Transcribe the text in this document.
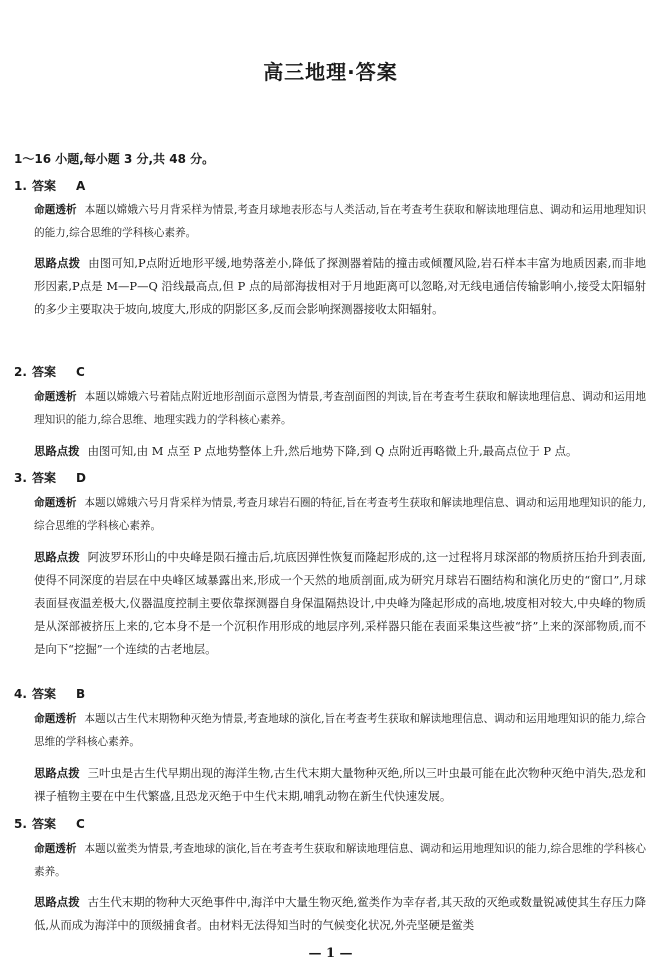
高三地理·答案
1～16 小题,每小题 3 分,共 48 分。
1. 答案 A
命题透析 本题以嫦娥六号月背采样为情景,考查月球地表形态与人类活动,旨在考查考生获取和解读地理信息、调动和运用地理知识的能力,综合思维的学科核心素养。
思路点拨 由图可知,P点附近地形平缓,地势落差小,降低了探测器着陆的撞击或倾覆风险,岩石样本丰富为地质因素,而非地形因素,P点是 M—P—Q 沿线最高点,但 P 点的局部海拔相对于月地距离可以忽略,对无线电通信传输影响小,接受太阳辐射的多少主要取决于坡向,坡度大,形成的阴影区多,反而会影响探测器接收太阳辐射。
2. 答案 C
命题透析 本题以嫦娥六号着陆点附近地形剖面示意图为情景,考查剖面图的判读,旨在考查考生获取和解读地理信息、调动和运用地理知识的能力,综合思维、地理实践力的学科核心素养。
思路点拨 由图可知,由 M 点至 P 点地势整体上升,然后地势下降,到 Q 点附近再略微上升,最高点位于 P 点。
3. 答案 D
命题透析 本题以嫦娥六号月背采样为情景,考查月球岩石圈的特征,旨在考查考生获取和解读地理信息、调动和运用地理知识的能力,综合思维的学科核心素养。
思路点拨 阿波罗环形山的中央峰是陨石撞击后,坑底因弹性恢复而隆起形成的,这一过程将月球深部的物质挤压抬升到表面,使得不同深度的岩层在中央峰区域暴露出来,形成一个天然的地质剖面,成为研究月球岩石圈结构和演化历史的“窗口”,月球表面昼夜温差极大,仪器温度控制主要依靠探测器自身保温隔热设计,中央峰为隆起形成的高地,坡度相对较大,中央峰的物质是从深部被挤压上来的,它本身不是一个沉积作用形成的地层序列,采样器只能在表面采集这些被“挤”上来的深部物质,而不是向下“挖掘”一个连续的古老地层。
4. 答案 B
命题透析 本题以古生代末期物种灭绝为情景,考查地球的演化,旨在考查考生获取和解读地理信息、调动和运用地理知识的能力,综合思维的学科核心素养。
思路点拨 三叶虫是古生代早期出现的海洋生物,古生代末期大量物种灭绝,所以三叶虫最可能在此次物种灭绝中消失,恐龙和裸子植物主要在中生代繁盛,且恐龙灭绝于中生代末期,哺乳动物在新生代快速发展。
5. 答案 C
命题透析 本题以鲎类为情景,考查地球的演化,旨在考查考生获取和解读地理信息、调动和运用地理知识的能力,综合思维的学科核心素养。
思路点拨 古生代末期的物种大灭绝事件中,海洋中大量生物灭绝,鲎类作为幸存者,其天敌的灭绝或数量锐减使其生存压力降低,从而成为海洋中的顶级捕食者。由材料无法得知当时的气候变化状况,外壳坚硬是鲎类
— 1 —
